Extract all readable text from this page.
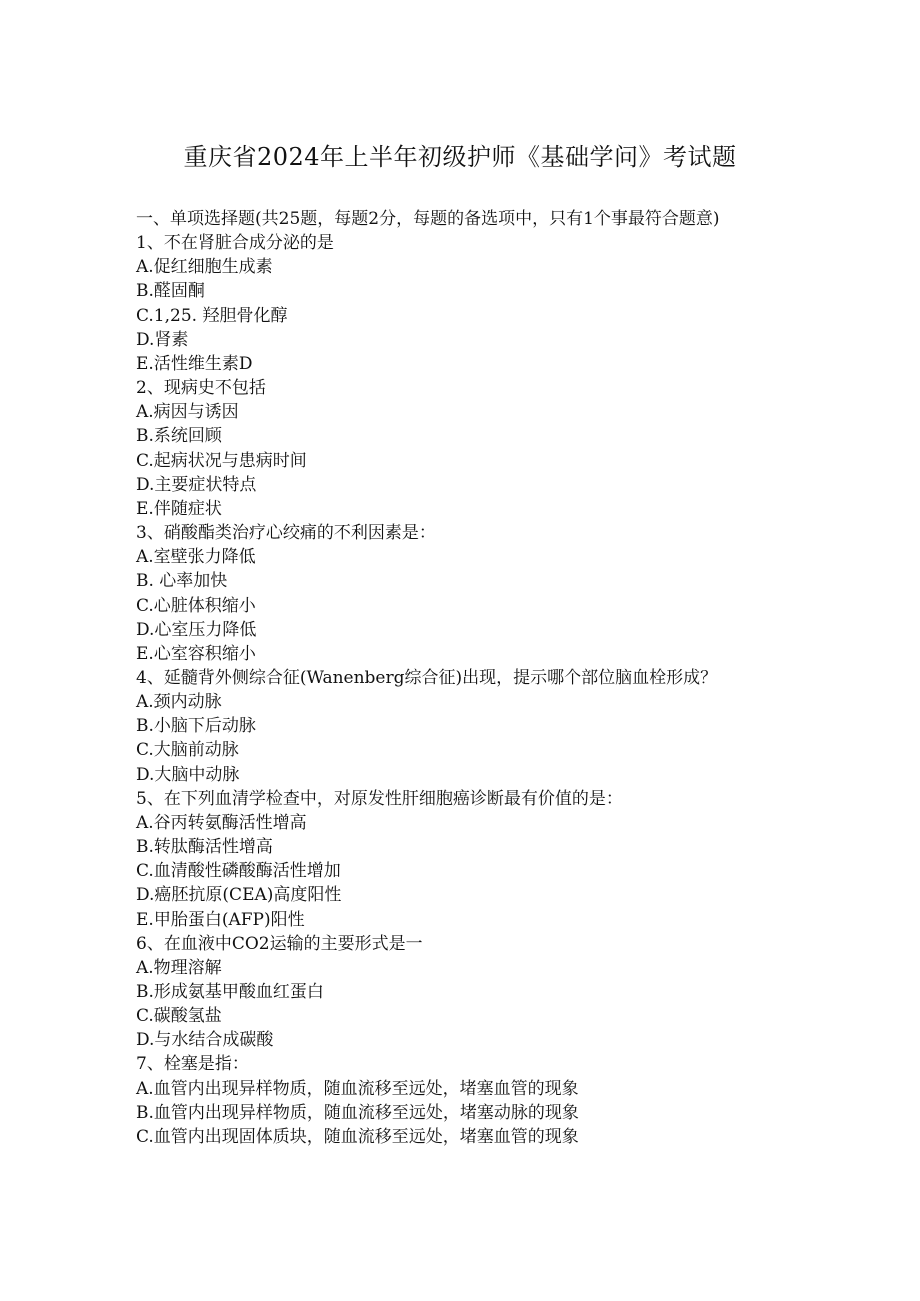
重庆省2024年上半年初级护师《基础学问》考试题
一、单项选择题(共25题，每题2分，每题的备选项中，只有1个事最符合题意)
1、不在肾脏合成分泌的是
A.促红细胞生成素
B.醛固酮
C.1,25. 羟胆骨化醇
D.肾素
E.活性维生素D
2、现病史不包括
A.病因与诱因
B.系统回顾
C.起病状况与患病时间
D.主要症状特点
E.伴随症状
3、硝酸酯类治疗心绞痛的不利因素是：
A.室壁张力降低
B. 心率加快
C.心脏体积缩小
D.心室压力降低
E.心室容积缩小
4、延髓背外侧综合征(Wanenberg综合征)出现，提示哪个部位脑血栓形成？
A.颈内动脉
B.小脑下后动脉
C.大脑前动脉
D.大脑中动脉
5、在下列血清学检查中，对原发性肝细胞癌诊断最有价值的是：
A.谷丙转氨酶活性增高
B.转肽酶活性增高
C.血清酸性磷酸酶活性增加
D.癌胚抗原(CEA)高度阳性
E.甲胎蛋白(AFP)阳性
6、在血液中CO2运输的主要形式是一
A.物理溶解
B.形成氨基甲酸血红蛋白
C.碳酸氢盐
D.与水结合成碳酸
7、栓塞是指：
A.血管内出现异样物质，随血流移至远处，堵塞血管的现象
B.血管内出现异样物质，随血流移至远处，堵塞动脉的现象
C.血管内出现固体质块，随血流移至远处，堵塞血管的现象
